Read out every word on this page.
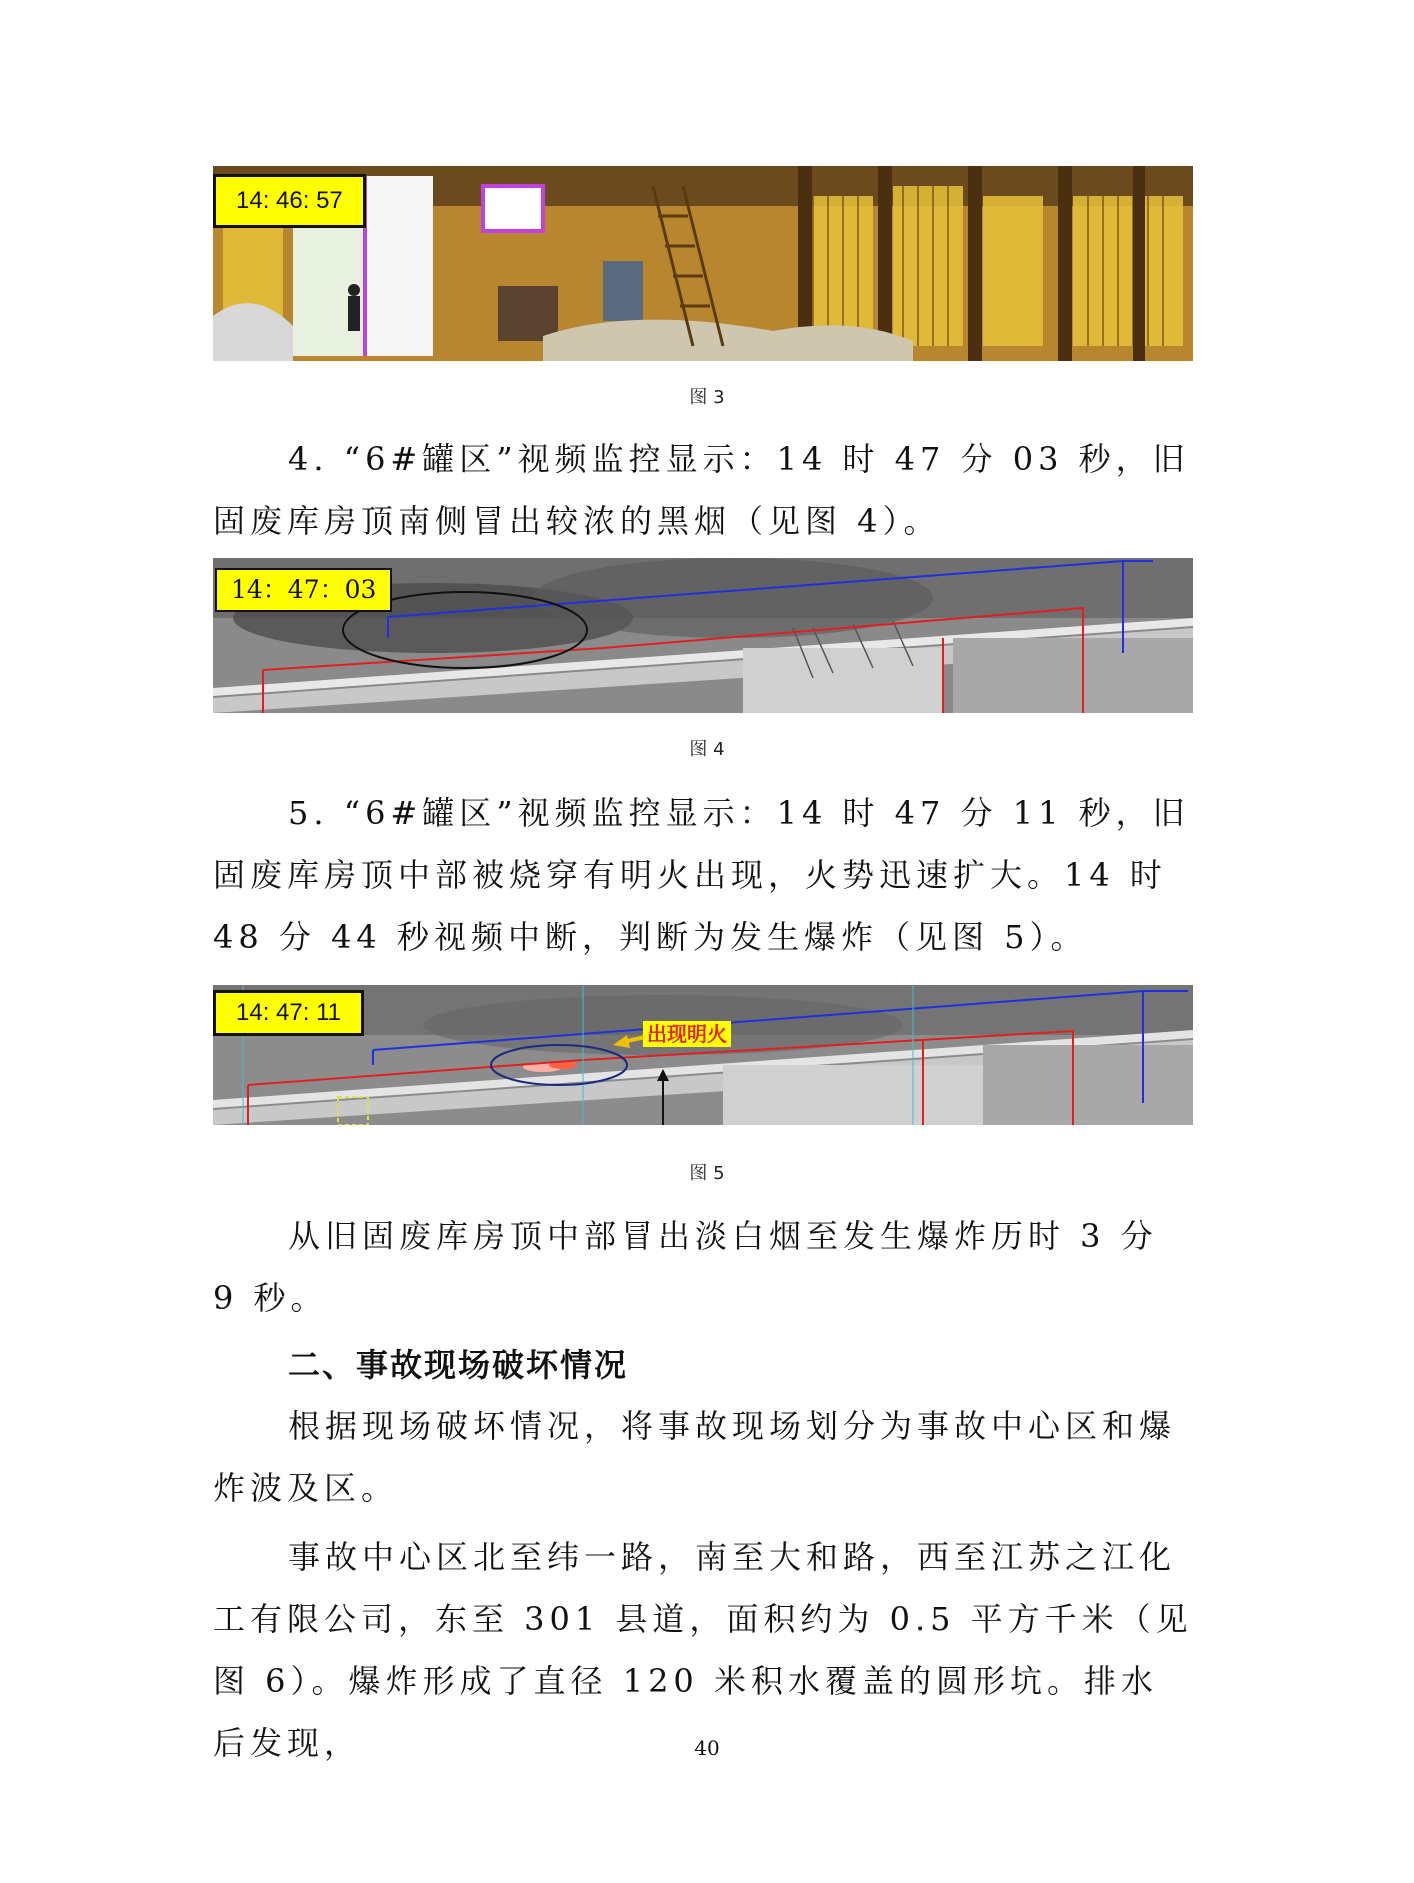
14: 46: 57
图 3

4. “6#罐区”视频监控显示：14 时 47 分 03 秒，旧固废库房顶南侧冒出较浓的黑烟（见图 4）。

14：47：03
图 4

5. “6#罐区”视频监控显示：14 时 47 分 11 秒，旧固废库房顶中部被烧穿有明火出现，火势迅速扩大。14 时 48 分 44 秒视频中断，判断为发生爆炸（见图 5）。

14: 47: 11
出现明火
图 5

从旧固废库房顶中部冒出淡白烟至发生爆炸历时 3 分 9 秒。

二、事故现场破坏情况

根据现场破坏情况，将事故现场划分为事故中心区和爆炸波及区。

事故中心区北至纬一路，南至大和路，西至江苏之江化工有限公司，东至 301 县道，面积约为 0.5 平方千米（见图 6）。爆炸形成了直径 120 米积水覆盖的圆形坑。排水后发现，	40
